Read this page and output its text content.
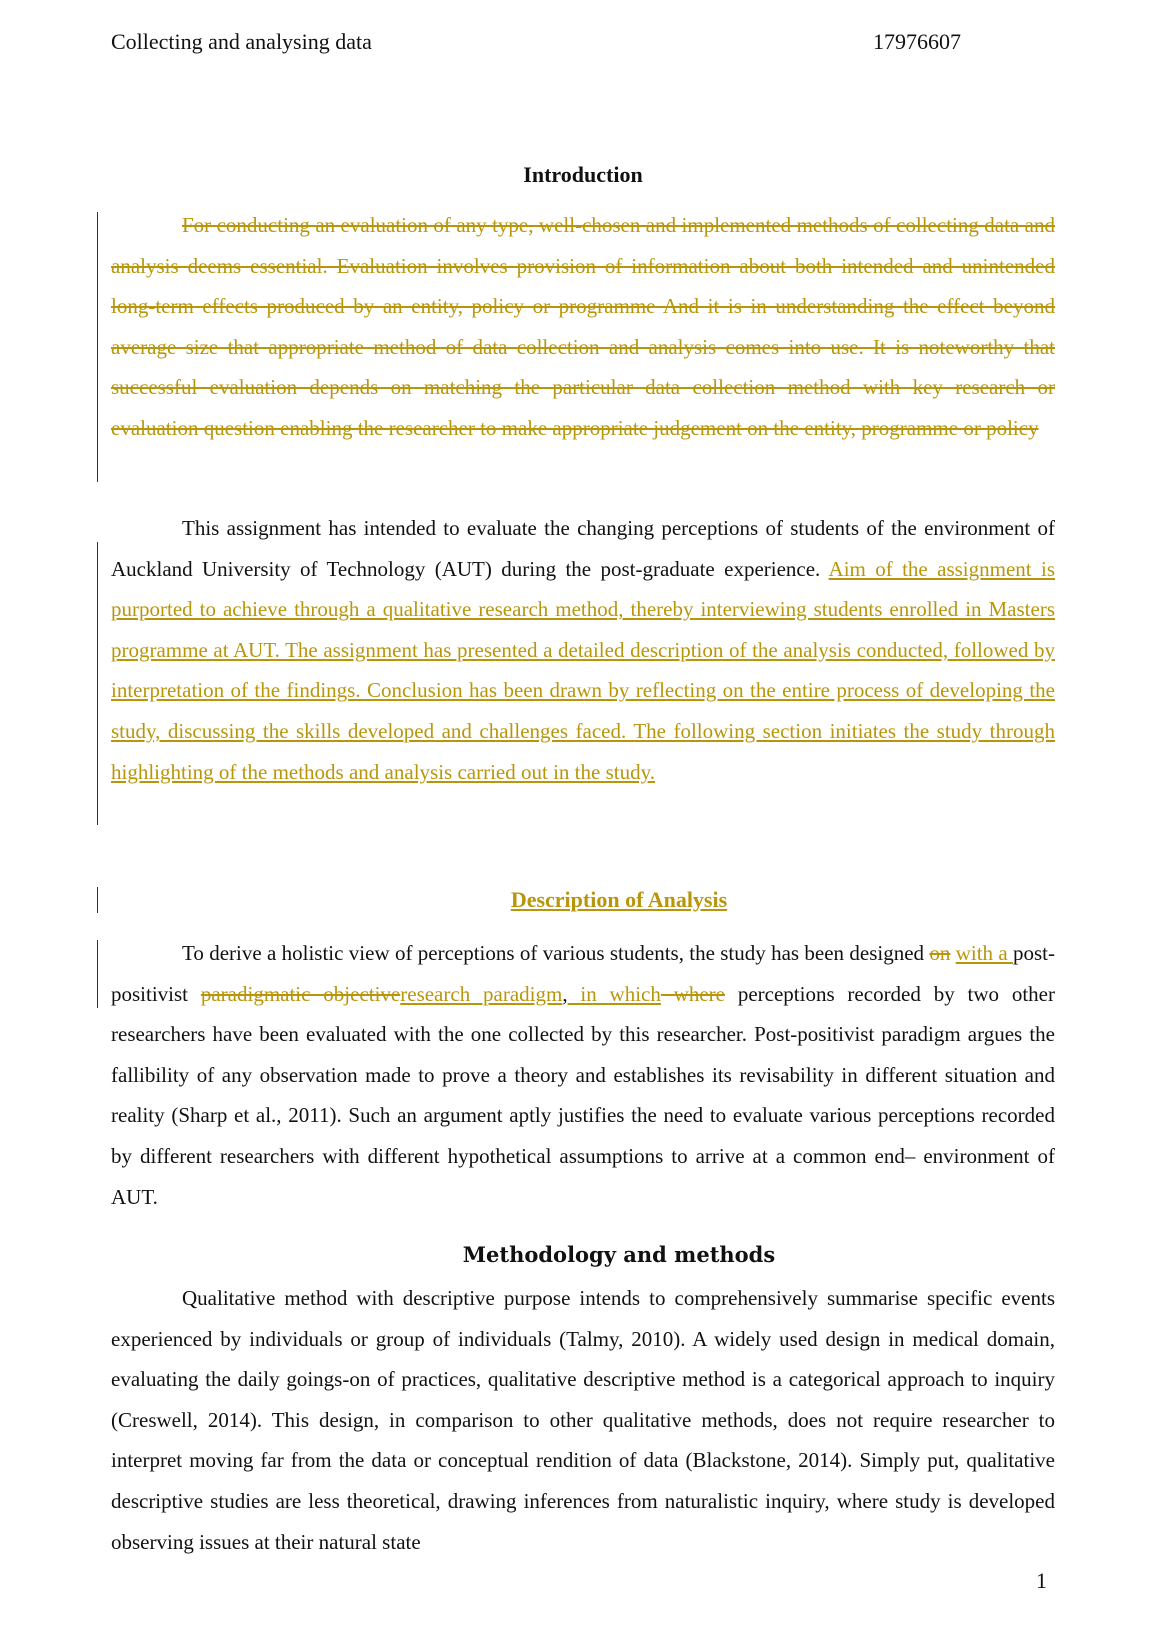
Collecting and analysing data	17976607
Introduction

For conducting an evaluation of any type, well-chosen and implemented methods of collecting data and analysis deems essential. Evaluation involves provision of information about both intended and unintended long-term effects produced by an entity, policy or programme And it is in understanding the effect beyond average size that appropriate method of data collection and analysis comes into use. It is noteworthy that successful evaluation depends on matching the particular data collection method with key research or evaluation question enabling the researcher to make appropriate judgement on the entity, programme or policy

This assignment has intended to evaluate the changing perceptions of students of the environment of Auckland University of Technology (AUT) during the post-graduate experience. Aim of the assignment is purported to achieve through a qualitative research method, thereby interviewing students enrolled in Masters programme at AUT. The assignment has presented a detailed description of the analysis conducted, followed by interpretation of the findings. Conclusion has been drawn by reflecting on the entire process of developing the study, discussing the skills developed and challenges faced. The following section initiates the study through highlighting of the methods and analysis carried out in the study.

Description of Analysis

To derive a holistic view of perceptions of various students, the study has been designed on with a post-positivist paradigmatic objectiveresearch paradigm, in which where perceptions recorded by two other researchers have been evaluated with the one collected by this researcher. Post-positivist paradigm argues the fallibility of any observation made to prove a theory and establishes its revisability in different situation and reality (Sharp et al., 2011). Such an argument aptly justifies the need to evaluate various perceptions recorded by different researchers with different hypothetical assumptions to arrive at a common end– environment of AUT.

Methodology and methods

Qualitative method with descriptive purpose intends to comprehensively summarise specific events experienced by individuals or group of individuals (Talmy, 2010). A widely used design in medical domain, evaluating the daily goings-on of practices, qualitative descriptive method is a categorical approach to inquiry (Creswell, 2014). This design, in comparison to other qualitative methods, does not require researcher to interpret moving far from the data or conceptual rendition of data (Blackstone, 2014). Simply put, qualitative descriptive studies are less theoretical, drawing inferences from naturalistic inquiry, where study is developed observing issues at their natural state

1
